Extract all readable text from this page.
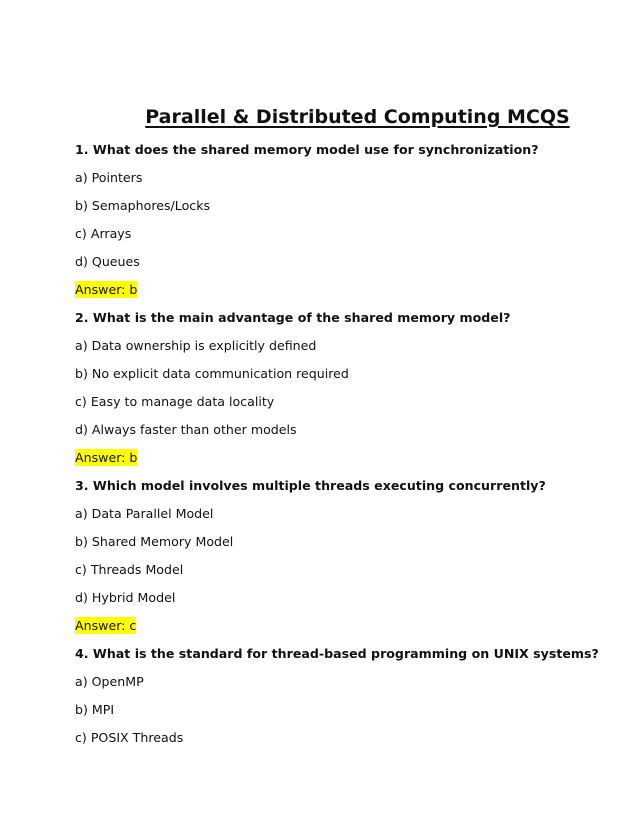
Parallel & Distributed Computing MCQS
1. What does the shared memory model use for synchronization?
a) Pointers
b) Semaphores/Locks
c) Arrays
d) Queues
Answer: b
2. What is the main advantage of the shared memory model?
a) Data ownership is explicitly defined
b) No explicit data communication required
c) Easy to manage data locality
d) Always faster than other models
Answer: b
3. Which model involves multiple threads executing concurrently?
a) Data Parallel Model
b) Shared Memory Model
c) Threads Model
d) Hybrid Model
Answer: c
4. What is the standard for thread-based programming on UNIX systems?
a) OpenMP
b) MPI
c) POSIX Threads
